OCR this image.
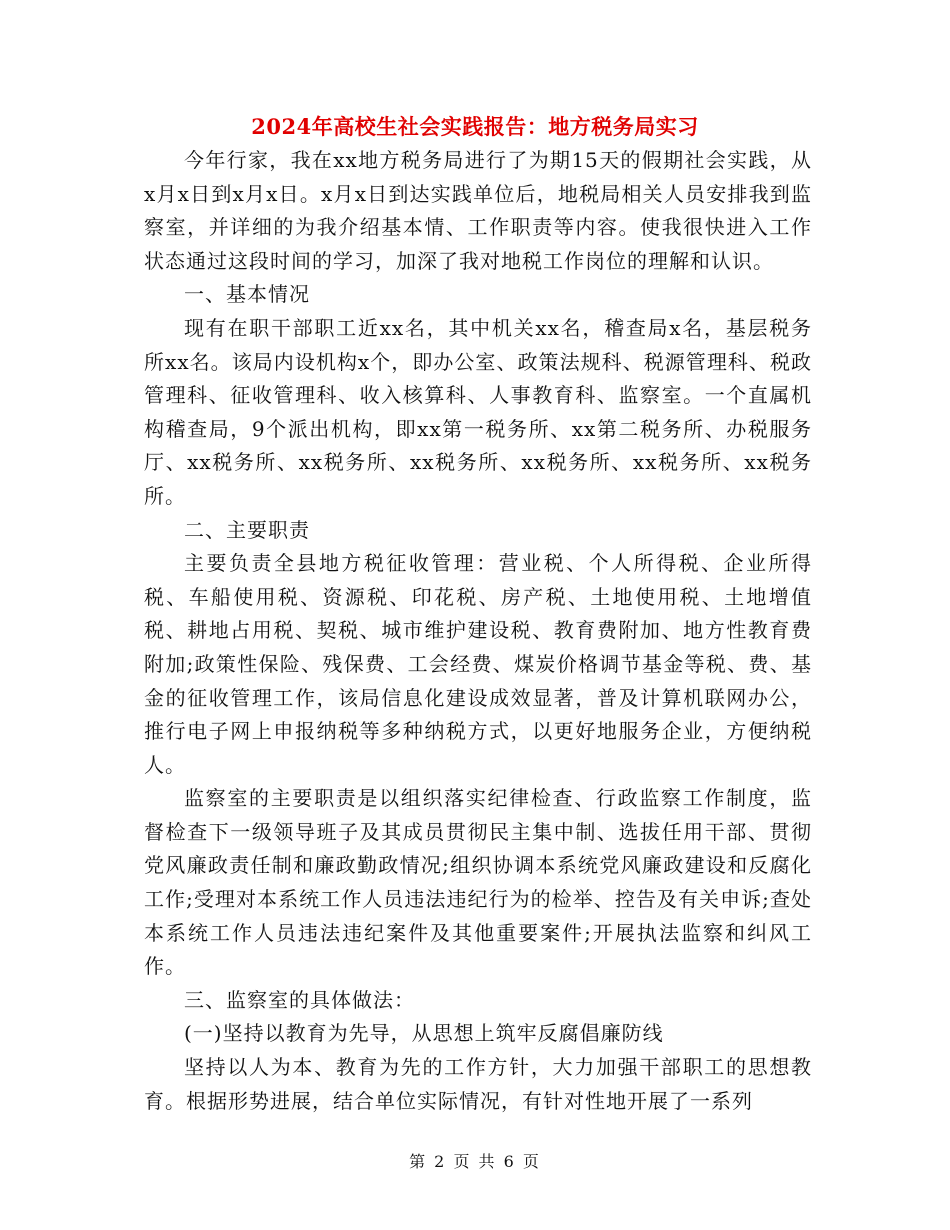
2024年高校生社会实践报告：地方税务局实习

今年行家，我在xx地方税务局进行了为期15天的假期社会实践，从x月x日到x月x日。x月x日到达实践单位后，地税局相关人员安排我到监察室，并详细的为我介绍基本情、工作职责等内容。使我很快进入工作状态通过这段时间的学习，加深了我对地税工作岗位的理解和认识。

一、基本情况

现有在职干部职工近xx名，其中机关xx名，稽查局x名，基层税务所xx名。该局内设机构x个，即办公室、政策法规科、税源管理科、税政管理科、征收管理科、收入核算科、人事教育科、监察室。一个直属机构稽查局，9个派出机构，即xx第一税务所、xx第二税务所、办税服务厅、xx税务所、xx税务所、xx税务所、xx税务所、xx税务所、xx税务所。

二、主要职责

主要负责全县地方税征收管理：营业税、个人所得税、企业所得税、车船使用税、资源税、印花税、房产税、土地使用税、土地增值税、耕地占用税、契税、城市维护建设税、教育费附加、地方性教育费附加;政策性保险、残保费、工会经费、煤炭价格调节基金等税、费、基金的征收管理工作，该局信息化建设成效显著，普及计算机联网办公，推行电子网上申报纳税等多种纳税方式，以更好地服务企业，方便纳税人。

监察室的主要职责是以组织落实纪律检查、行政监察工作制度，监督检查下一级领导班子及其成员贯彻民主集中制、选拔任用干部、贯彻党风廉政责任制和廉政勤政情况;组织协调本系统党风廉政建设和反腐化工作;受理对本系统工作人员违法违纪行为的检举、控告及有关申诉;查处本系统工作人员违法违纪案件及其他重要案件;开展执法监察和纠风工作。

三、监察室的具体做法：

(一)坚持以教育为先导，从思想上筑牢反腐倡廉防线

坚持以人为本、教育为先的工作方针，大力加强干部职工的思想教育。根据形势进展，结合单位实际情况，有针对性地开展了一系列

第 2 页 共 6 页
